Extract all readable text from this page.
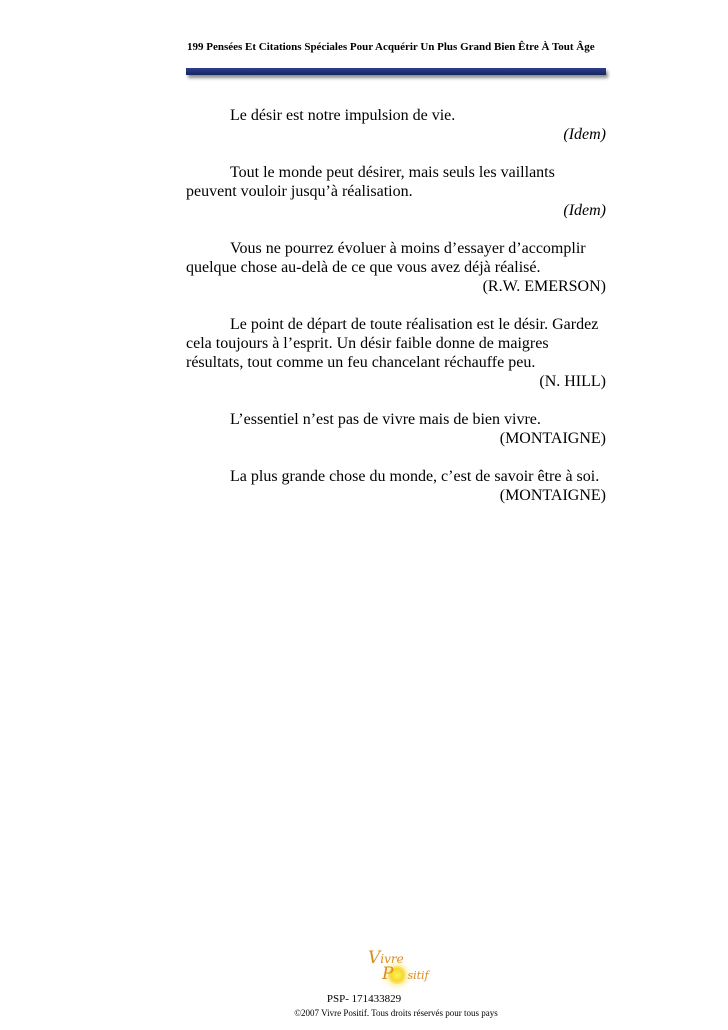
199 Pensées Et Citations Spéciales Pour Acquérir Un Plus Grand Bien Être À Tout Âge

Le désir est notre impulsion de vie.

(Idem)

Tout le monde peut désirer, mais seuls les vaillants peuvent vouloir jusqu’à réalisation.

(Idem)

Vous ne pourrez évoluer à moins d’essayer d’accomplir quelque chose au-delà de ce que vous avez déjà réalisé.

(R.W. EMERSON)

Le point de départ de toute réalisation est le désir. Gardez cela toujours à l’esprit. Un désir faible donne de maigres résultats, tout comme un feu chancelant réchauffe peu.

(N. HILL)

L’essentiel n’est pas de vivre mais de bien vivre.

(MONTAIGNE)

La plus grande chose du monde, c’est de savoir être à soi.

(MONTAIGNE)

Vivre
P sitif
PSP- 171433829
©2007 Vivre Positif. Tous droits réservés pour tous pays
